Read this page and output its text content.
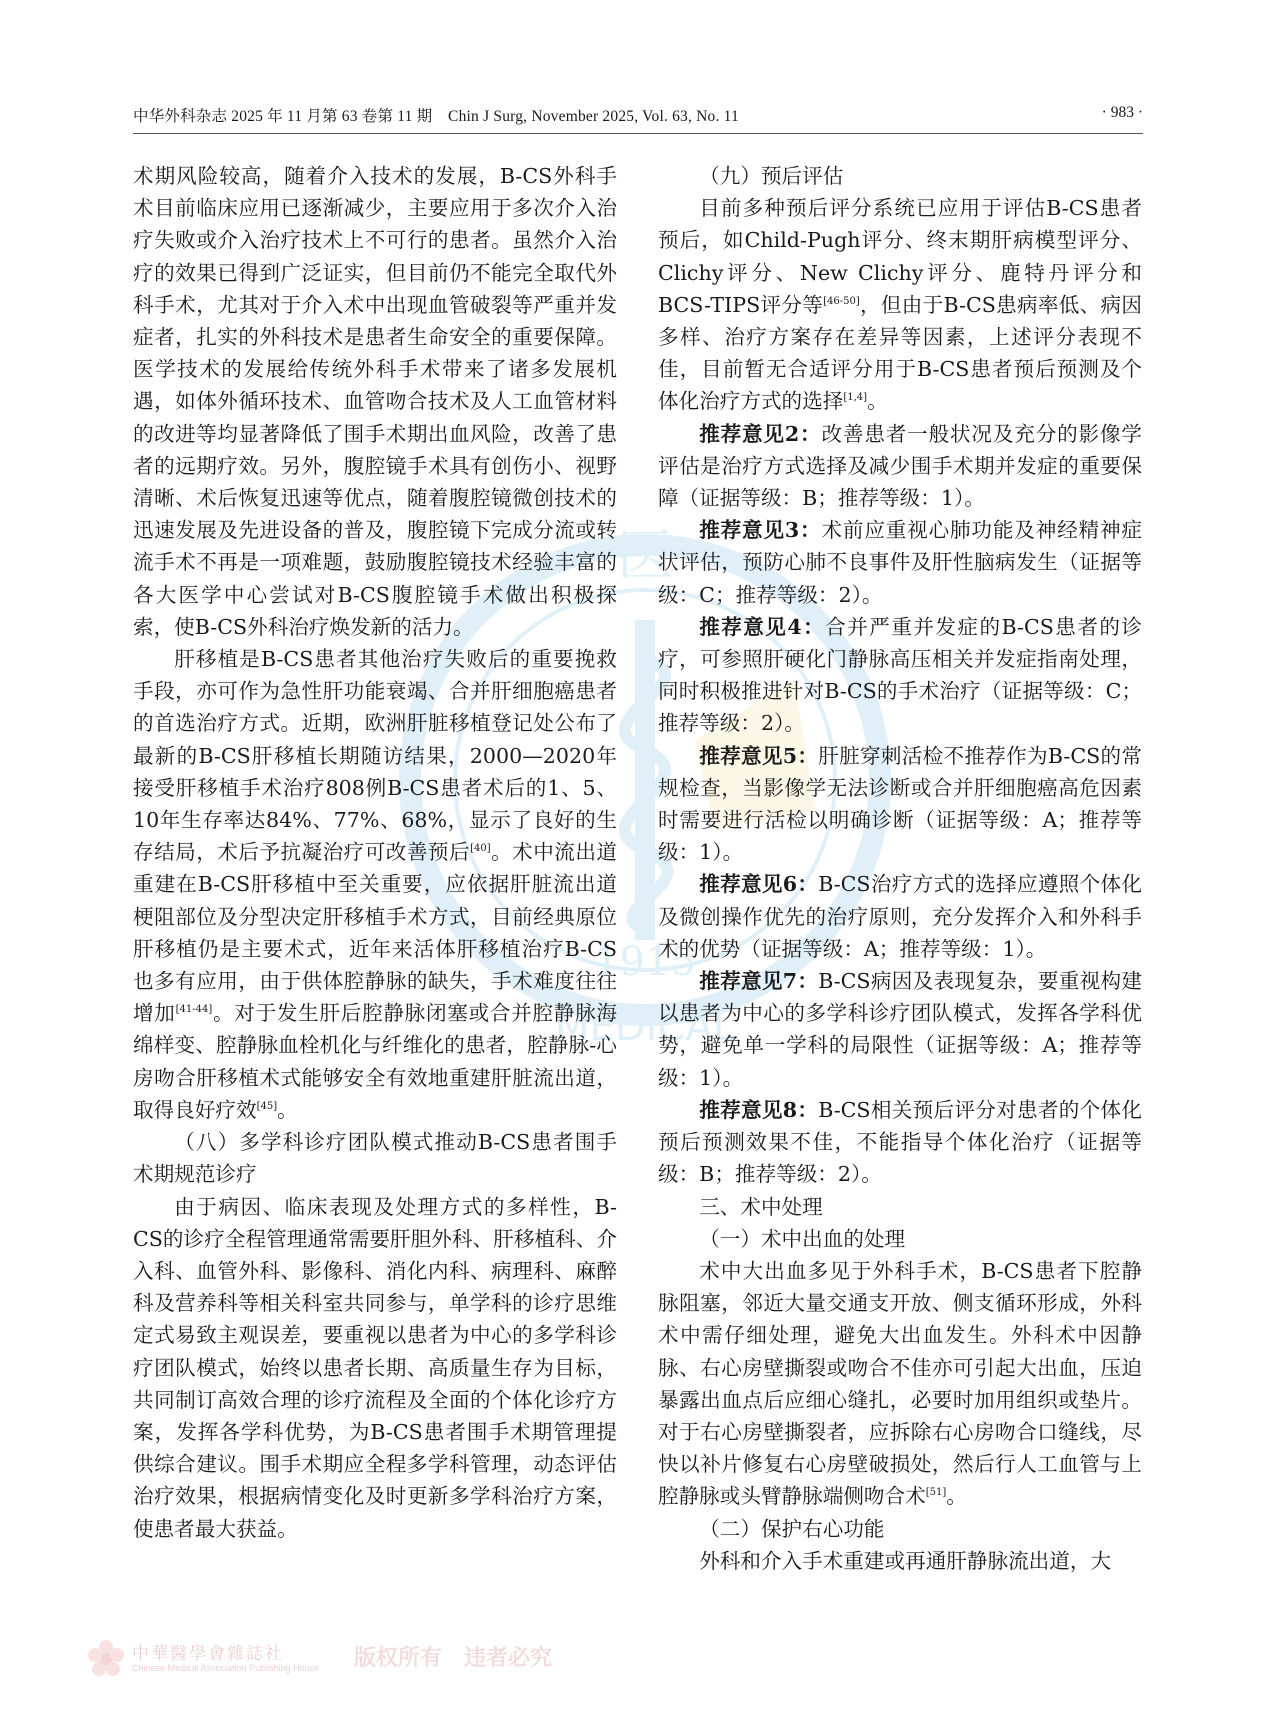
中华外科杂志 2025 年 11 月第 63 卷第 11 期　Chin J Surg, November 2025, Vol. 63, No. 11	· 983 ·
医
1915
MEDICAL

术期风险较高，随着介入技术的发展，B-CS外科手术目前临床应用已逐渐减少，主要应用于多次介入治疗失败或介入治疗技术上不可行的患者。虽然介入治疗的效果已得到广泛证实，但目前仍不能完全取代外科手术，尤其对于介入术中出现血管破裂等严重并发症者，扎实的外科技术是患者生命安全的重要保障。医学技术的发展给传统外科手术带来了诸多发展机遇，如体外循环技术、血管吻合技术及人工血管材料的改进等均显著降低了围手术期出血风险，改善了患者的远期疗效。另外，腹腔镜手术具有创伤小、视野清晰、术后恢复迅速等优点，随着腹腔镜微创技术的迅速发展及先进设备的普及，腹腔镜下完成分流或转流手术不再是一项难题，鼓励腹腔镜技术经验丰富的各大医学中心尝试对B-CS腹腔镜手术做出积极探索，使B-CS外科治疗焕发新的活力。

肝移植是B-CS患者其他治疗失败后的重要挽救手段，亦可作为急性肝功能衰竭、合并肝细胞癌患者的首选治疗方式。近期，欧洲肝脏移植登记处公布了最新的B-CS肝移植长期随访结果，2000—2020年接受肝移植手术治疗808例B-CS患者术后的1、5、10年生存率达84%、77%、68%，显示了良好的生存结局，术后予抗凝治疗可改善预后[40]。术中流出道重建在B-CS肝移植中至关重要，应依据肝脏流出道梗阻部位及分型决定肝移植手术方式，目前经典原位肝移植仍是主要术式，近年来活体肝移植治疗B-CS也多有应用，由于供体腔静脉的缺失，手术难度往往增加[41-44]。对于发生肝后腔静脉闭塞或合并腔静脉海绵样变、腔静脉血栓机化与纤维化的患者，腔静脉-心房吻合肝移植术式能够安全有效地重建肝脏流出道，取得良好疗效[45]。

（八）多学科诊疗团队模式推动B-CS患者围手术期规范诊疗

由于病因、临床表现及处理方式的多样性，B-CS的诊疗全程管理通常需要肝胆外科、肝移植科、介入科、血管外科、影像科、消化内科、病理科、麻醉科及营养科等相关科室共同参与，单学科的诊疗思维定式易致主观误差，要重视以患者为中心的多学科诊疗团队模式，始终以患者长期、高质量生存为目标，共同制订高效合理的诊疗流程及全面的个体化诊疗方案，发挥各学科优势，为B-CS患者围手术期管理提供综合建议。围手术期应全程多学科管理，动态评估治疗效果，根据病情变化及时更新多学科治疗方案，使患者最大获益。

（九）预后评估

目前多种预后评分系统已应用于评估B-CS患者预后，如Child-Pugh评分、终末期肝病模型评分、Clichy评分、New Clichy评分、鹿特丹评分和BCS-TIPS评分等[46-50]，但由于B-CS患病率低、病因多样、治疗方案存在差异等因素，上述评分表现不佳，目前暂无合适评分用于B-CS患者预后预测及个体化治疗方式的选择[1,4]。

推荐意见2：改善患者一般状况及充分的影像学评估是治疗方式选择及减少围手术期并发症的重要保障（证据等级：B；推荐等级：1）。

推荐意见3：术前应重视心肺功能及神经精神症状评估，预防心肺不良事件及肝性脑病发生（证据等级：C；推荐等级：2）。

推荐意见4：合并严重并发症的B-CS患者的诊疗，可参照肝硬化门静脉高压相关并发症指南处理，同时积极推进针对B-CS的手术治疗（证据等级：C；推荐等级：2）。

推荐意见5：肝脏穿刺活检不推荐作为B-CS的常规检查，当影像学无法诊断或合并肝细胞癌高危因素时需要进行活检以明确诊断（证据等级：A；推荐等级：1）。

推荐意见6：B-CS治疗方式的选择应遵照个体化及微创操作优先的治疗原则，充分发挥介入和外科手术的优势（证据等级：A；推荐等级：1）。

推荐意见7：B-CS病因及表现复杂，要重视构建以患者为中心的多学科诊疗团队模式，发挥各学科优势，避免单一学科的局限性（证据等级：A；推荐等级：1）。

推荐意见8：B-CS相关预后评分对患者的个体化预后预测效果不佳，不能指导个体化治疗（证据等级：B；推荐等级：2）。

三、术中处理

（一）术中出血的处理

术中大出血多见于外科手术，B-CS患者下腔静脉阻塞，邻近大量交通支开放、侧支循环形成，外科术中需仔细处理，避免大出血发生。外科术中因静脉、右心房壁撕裂或吻合不佳亦可引起大出血，压迫暴露出血点后应细心缝扎，必要时加用组织或垫片。对于右心房壁撕裂者，应拆除右心房吻合口缝线，尽快以补片修复右心房壁破损处，然后行人工血管与上腔静脉或头臂静脉端侧吻合术[51]。

（二）保护右心功能

外科和介入手术重建或再通肝静脉流出道，大

中華醫學會雜誌社
Chinese Medical Association Publishing House 版权所有　违者必究
